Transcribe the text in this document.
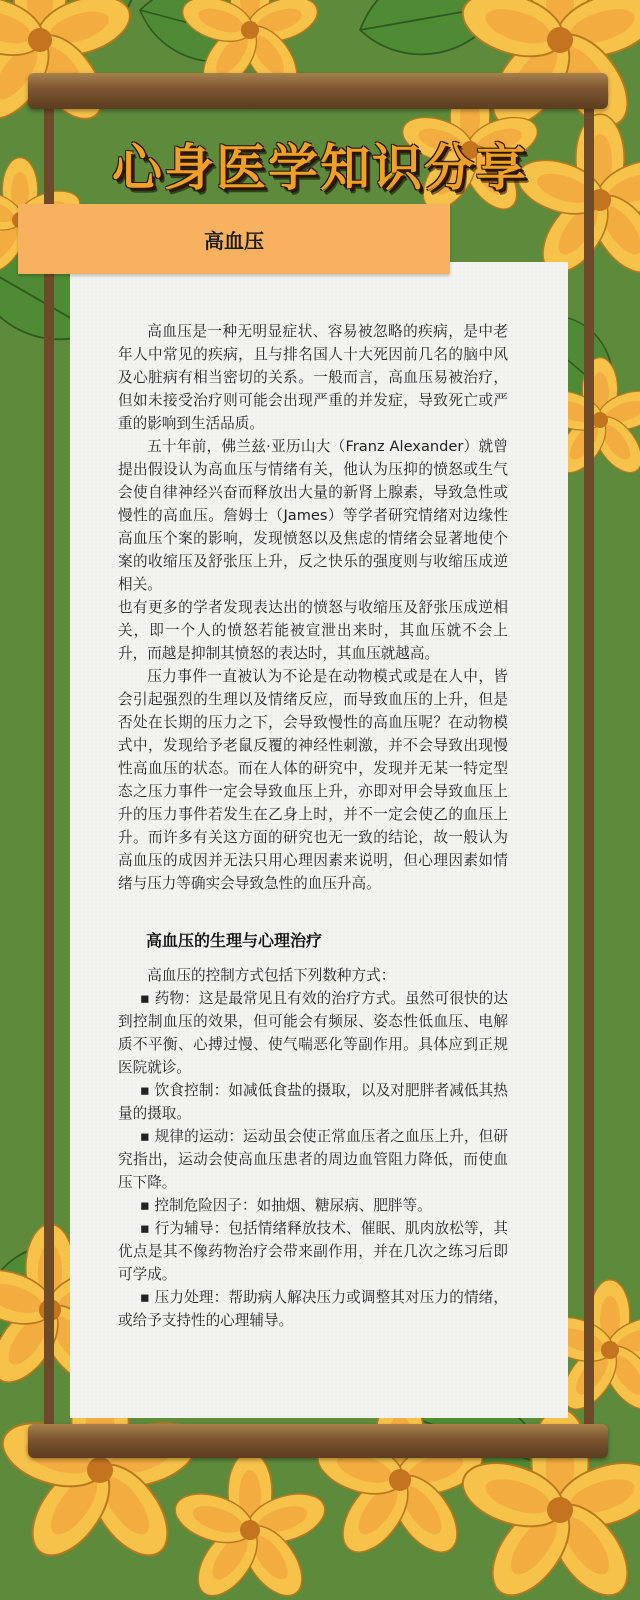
心身医学知识分享
高血压

高血压是一种无明显症状、容易被忽略的疾病，是中老年人中常见的疾病，且与排名国人十大死因前几名的脑中风及心脏病有相当密切的关系。一般而言，高血压易被治疗，但如未接受治疗则可能会出现严重的并发症，导致死亡或严重的影响到生活品质。

五十年前，佛兰兹·亚历山大（Franz Alexander）就曾提出假设认为高血压与情绪有关，他认为压抑的愤怒或生气会使自律神经兴奋而释放出大量的新肾上腺素，导致急性或慢性的高血压。詹姆士（James）等学者研究情绪对边缘性高血压个案的影响，发现愤怒以及焦虑的情绪会显著地使个案的收缩压及舒张压上升，反之快乐的强度则与收缩压成逆相关。

也有更多的学者发现表达出的愤怒与收缩压及舒张压成逆相关，即一个人的愤怒若能被宣泄出来时，其血压就不会上升，而越是抑制其愤怒的表达时，其血压就越高。

压力事件一直被认为不论是在动物模式或是在人中，皆会引起强烈的生理以及情绪反应，而导致血压的上升，但是否处在长期的压力之下，会导致慢性的高血压呢？在动物模式中，发现给予老鼠反覆的神经性刺激，并不会导致出现慢性高血压的状态。而在人体的研究中，发现并无某一特定型态之压力事件一定会导致血压上升，亦即对甲会导致血压上升的压力事件若发生在乙身上时，并不一定会使乙的血压上升。而许多有关这方面的研究也无一致的结论，故一般认为高血压的成因并无法只用心理因素来说明，但心理因素如情绪与压力等确实会导致急性的血压升高。

高血压的生理与心理治疗

高血压的控制方式包括下列数种方式：

▪ 药物：这是最常见且有效的治疗方式。虽然可很快的达到控制血压的效果，但可能会有频尿、姿态性低血压、电解质不平衡、心搏过慢、使气喘恶化等副作用。具体应到正规医院就诊。

▪ 饮食控制：如减低食盐的摄取，以及对肥胖者减低其热量的摄取。

▪ 规律的运动：运动虽会使正常血压者之血压上升，但研究指出，运动会使高血压患者的周边血管阻力降低，而使血压下降。

▪ 控制危险因子：如抽烟、糖尿病、肥胖等。

▪ 行为辅导：包括情绪释放技术、催眠、肌肉放松等，其优点是其不像药物治疗会带来副作用，并在几次之练习后即可学成。

▪ 压力处理：帮助病人解决压力或调整其对压力的情绪，或给予支持性的心理辅导。
